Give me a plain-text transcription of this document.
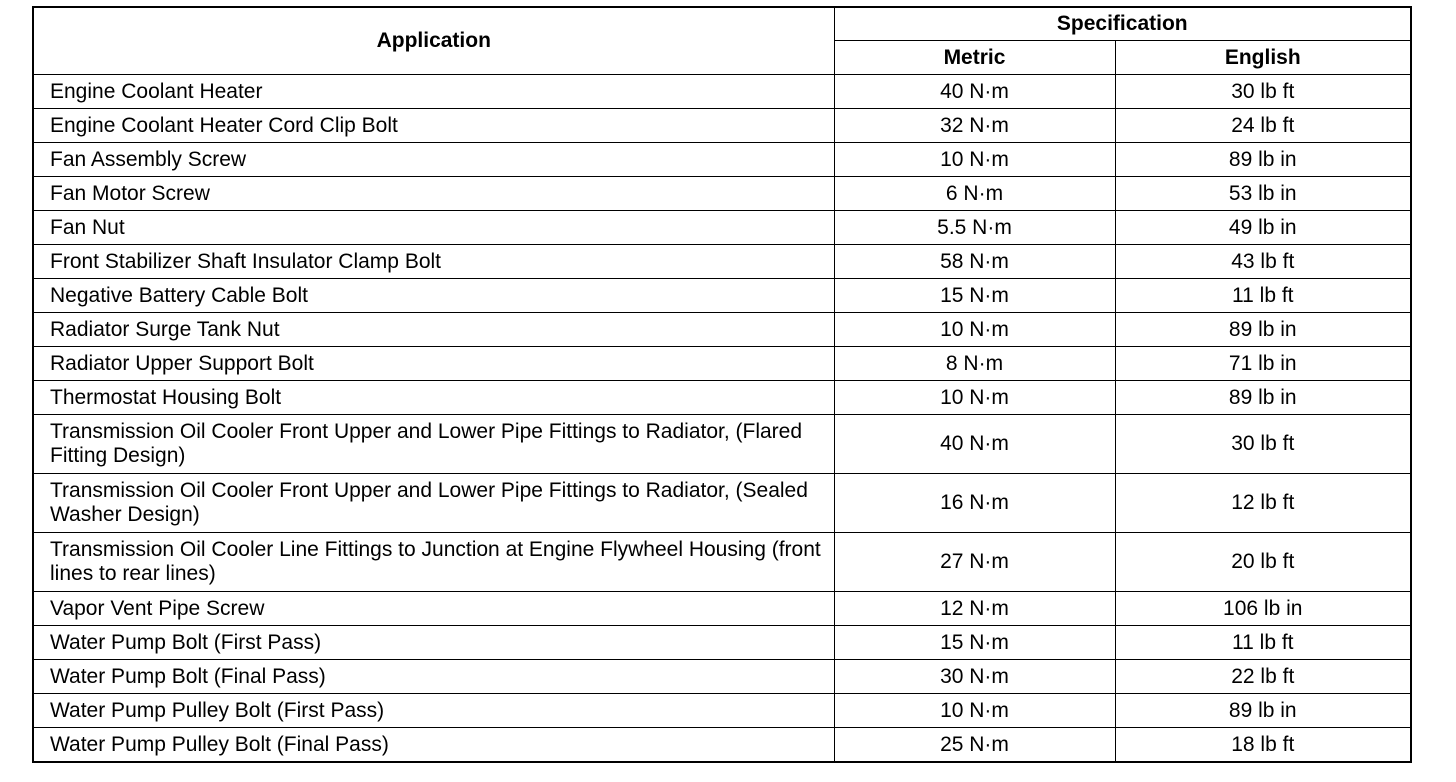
Application	Specification	
	Metric	English
Engine Coolant Heater	40 N·m	30 lb ft
Engine Coolant Heater Cord Clip Bolt	32 N·m	24 lb ft
Fan Assembly Screw	10 N·m	89 lb in
Fan Motor Screw	6 N·m	53 lb in
Fan Nut	5.5 N·m	49 lb in
Front Stabilizer Shaft Insulator Clamp Bolt	58 N·m	43 lb ft
Negative Battery Cable Bolt	15 N·m	11 lb ft
Radiator Surge Tank Nut	10 N·m	89 lb in
Radiator Upper Support Bolt	8 N·m	71 lb in
Thermostat Housing Bolt	10 N·m	89 lb in
Transmission Oil Cooler Front Upper and Lower Pipe Fittings to Radiator, (Flared Fitting Design)	40 N·m	30 lb ft
Transmission Oil Cooler Front Upper and Lower Pipe Fittings to Radiator, (Sealed Washer Design)	16 N·m	12 lb ft
Transmission Oil Cooler Line Fittings to Junction at Engine Flywheel Housing (front lines to rear lines)	27 N·m	20 lb ft
Vapor Vent Pipe Screw	12 N·m	106 lb in
Water Pump Bolt (First Pass)	15 N·m	11 lb ft
Water Pump Bolt (Final Pass)	30 N·m	22 lb ft
Water Pump Pulley Bolt (First Pass)	10 N·m	89 lb in
Water Pump Pulley Bolt (Final Pass)	25 N·m	18 lb ft
